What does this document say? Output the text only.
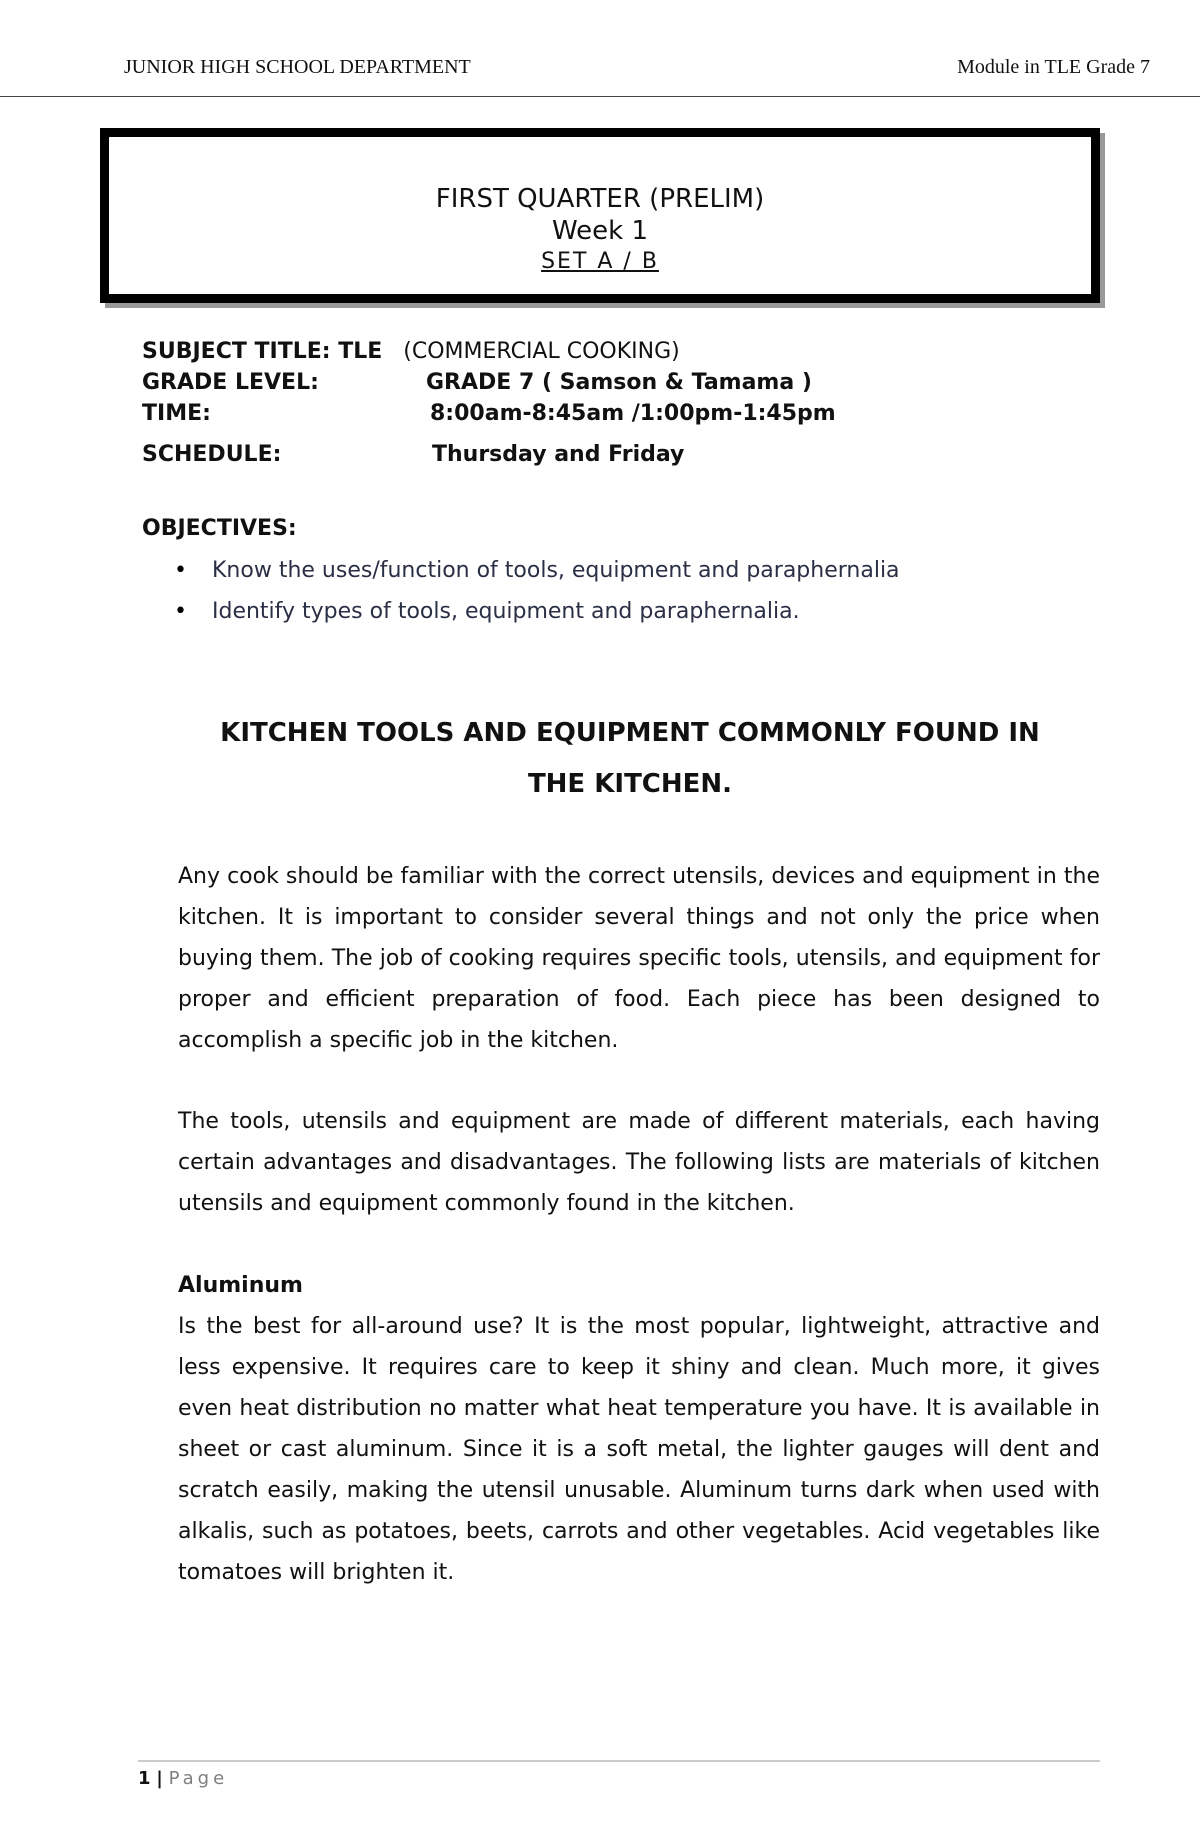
JUNIOR HIGH SCHOOL DEPARTMENT	Module in TLE Grade 7
FIRST QUARTER (PRELIM)
Week 1
SET A / B
SUBJECT TITLE: TLE (COMMERCIAL COOKING)
GRADE LEVEL:	GRADE 7 ( Samson & Tamama )
TIME:	8:00am-8:45am /1:00pm-1:45pm
SCHEDULE:	Thursday and Friday
OBJECTIVES:
• Know the uses/function of tools, equipment and paraphernalia
• Identify types of tools, equipment and paraphernalia.
KITCHEN TOOLS AND EQUIPMENT COMMONLY FOUND IN
THE KITCHEN.

Any cook should be familiar with the correct utensils, devices and equipment in the kitchen. It is important to consider several things and not only the price when buying them. The job of cooking requires specific tools, utensils, and equipment for proper and efficient preparation of food. Each piece has been designed to accomplish a specific job in the kitchen.

The tools, utensils and equipment are made of different materials, each having certain advantages and disadvantages. The following lists are materials of kitchen utensils and equipment commonly found in the kitchen.

Aluminum

Is the best for all-around use? It is the most popular, lightweight, attractive and less expensive. It requires care to keep it shiny and clean. Much more, it gives even heat distribution no matter what heat temperature you have. It is available in sheet or cast aluminum. Since it is a soft metal, the lighter gauges will dent and scratch easily, making the utensil unusable. Aluminum turns dark when used with alkalis, such as potatoes, beets, carrots and other vegetables. Acid vegetables like tomatoes will brighten it.

1 | Page
